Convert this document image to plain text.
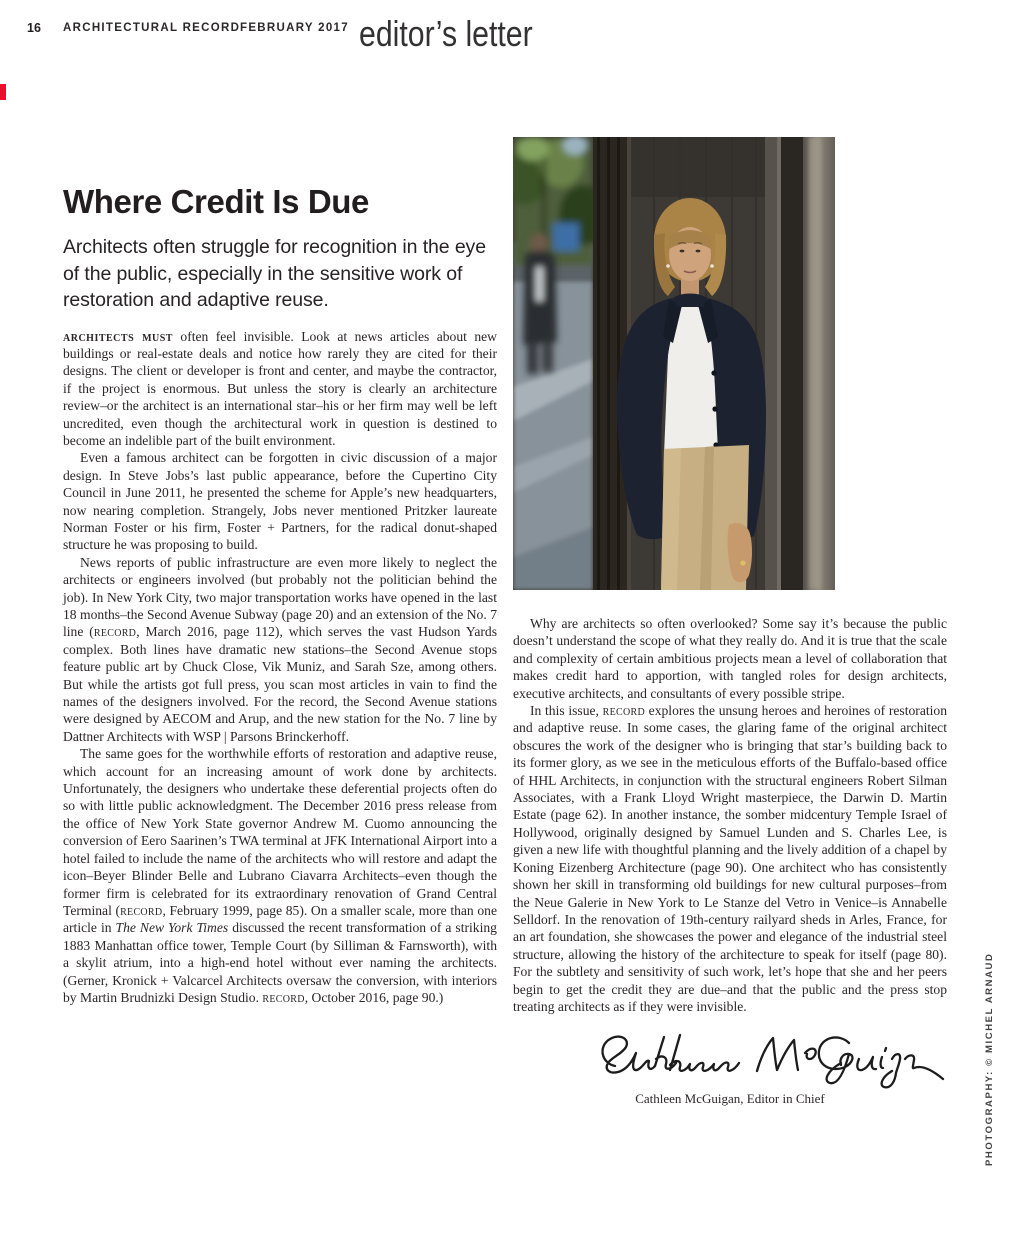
16 ARCHITECTURAL RECORD FEBRUARY 2017 editor’s letter
Where Credit Is Due

Architects often struggle for recognition in the eye of the public, especially in the sensitive work of restoration and adaptive reuse.

architects must often feel invisible. Look at news articles about new buildings or real-estate deals and notice how rarely they are cited for their designs. The client or developer is front and center, and maybe the contractor, if the project is enormous. But unless the story is clearly an architecture review–or the architect is an international star–his or her firm may well be left uncredited, even though the architectural work in question is destined to become an indelible part of the built environment.

Even a famous architect can be forgotten in civic discussion of a major design. In Steve Jobs’s last public appearance, before the Cupertino City Council in June 2011, he presented the scheme for Apple’s new headquarters, now nearing completion. Strangely, Jobs never mentioned Pritzker laureate Norman Foster or his firm, Foster + Partners, for the radical donut-shaped structure he was proposing to build.

News reports of public infrastructure are even more likely to neglect the architects or engineers involved (but probably not the politician behind the job). In New York City, two major transportation works have opened in the last 18 months–the Second Avenue Subway (page 20) and an extension of the No. 7 line (record, March 2016, page 112), which serves the vast Hudson Yards complex. Both lines have dramatic new stations–the Second Avenue stops feature public art by Chuck Close, Vik Muniz, and Sarah Sze, among others. But while the artists got full press, you scan most articles in vain to find the names of the designers involved. For the record, the Second Avenue stations were designed by AECOM and Arup, and the new station for the No. 7 line by Dattner Architects with WSP | Parsons Brinckerhoff.

The same goes for the worthwhile efforts of restoration and adaptive reuse, which account for an increasing amount of work done by architects. Unfortunately, the designers who undertake these deferential projects often do so with little public acknowledgment. The December 2016 press release from the office of New York State governor Andrew M. Cuomo announcing the conversion of Eero Saarinen’s TWA terminal at JFK International Airport into a hotel failed to include the name of the architects who will restore and adapt the icon–Beyer Blinder Belle and Lubrano Ciavarra Architects–even though the former firm is celebrated for its extraordinary renovation of Grand Central Terminal (record, February 1999, page 85). On a smaller scale, more than one article in The New York Times discussed the recent transformation of a striking 1883 Manhattan office tower, Temple Court (by Silliman & Farnsworth), with a skylit atrium, into a high-end hotel without ever naming the architects. (Gerner, Kronick + Valcarcel Architects oversaw the conversion, with interiors by Martin Brudnizki Design Studio. record, October 2016, page 90.)

Why are architects so often overlooked? Some say it’s because the public doesn’t understand the scope of what they really do. And it is true that the scale and complexity of certain ambitious projects mean a level of collaboration that makes credit hard to apportion, with tangled roles for design architects, executive architects, and consultants of every possible stripe.

In this issue, record explores the unsung heroes and heroines of restoration and adaptive reuse. In some cases, the glaring fame of the original architect obscures the work of the designer who is bringing that star’s building back to its former glory, as we see in the meticulous efforts of the Buffalo-based office of HHL Architects, in conjunction with the structural engineers Robert Silman Associates, with a Frank Lloyd Wright masterpiece, the Darwin D. Martin Estate (page 62). In another instance, the somber midcentury Temple Israel of Hollywood, originally designed by Samuel Lunden and S. Charles Lee, is given a new life with thoughtful planning and the lively addition of a chapel by Koning Eizenberg Architecture (page 90). One architect who has consistently shown her skill in transforming old buildings for new cultural purposes–from the Neue Galerie in New York to Le Stanze del Vetro in Venice–is Annabelle Selldorf. In the renovation of 19th-century railyard sheds in Arles, France, for an art foundation, she showcases the power and elegance of the industrial steel structure, allowing the history of the architecture to speak for itself (page 80). For the subtlety and sensitivity of such work, let’s hope that she and her peers begin to get the credit they are due–and that the public and the press stop treating architects as if they were invisible.

Cathleen McGuigan, Editor in Chief	PHOTOGRAPHY: © MICHEL ARNAUD
